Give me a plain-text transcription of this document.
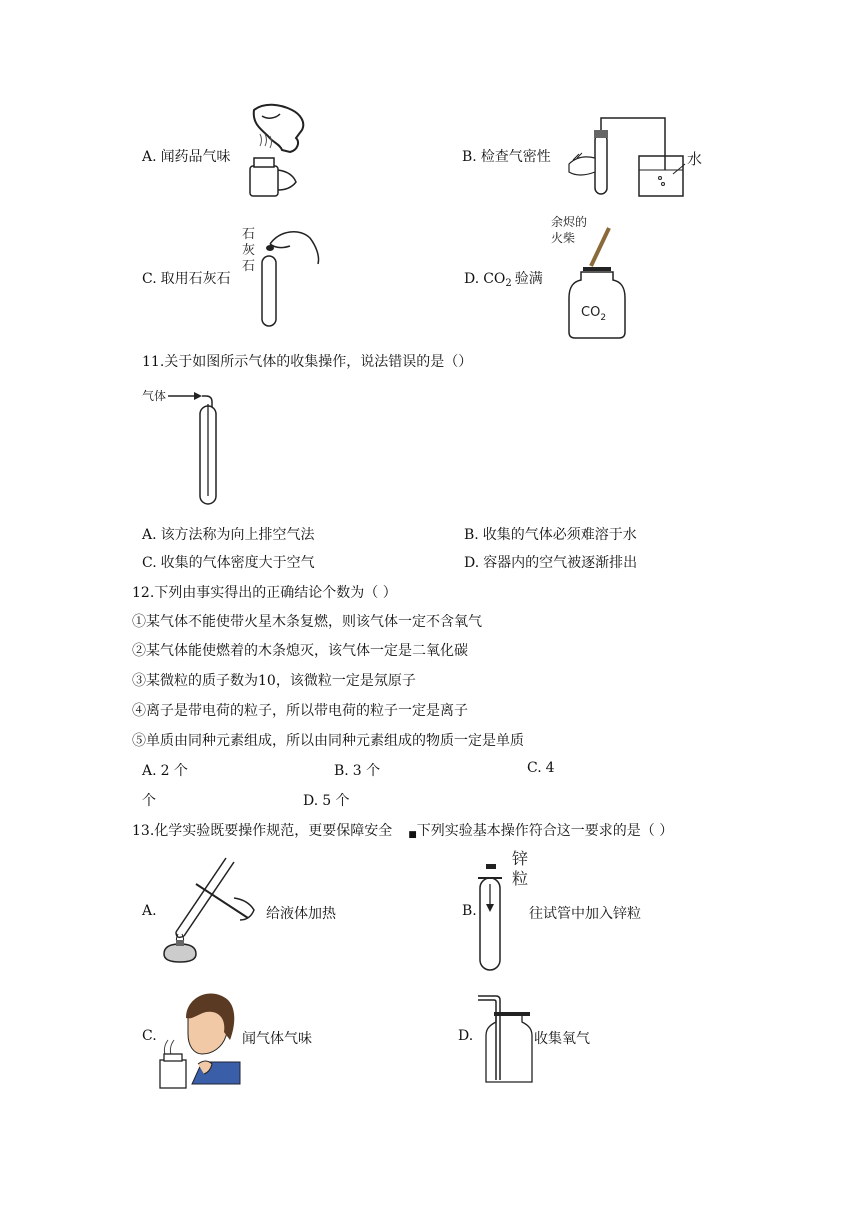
A. 闻药品气味	B. 检查气密性	水
C. 取用石灰石
石
灰
石
D. $CO_2$ 验满
余烬的
火柴
$CO_2$
11.关于如图所示气体的收集操作，说法错误的是（）
气体
A. 该方法称为向上排空气法	B. 收集的气体必须难溶于水
C. 收集的气体密度大于空气	D. 容器内的空气被逐渐排出
12.下列由事实得出的正确结论个数为（ ）
①某气体不能使带火星木条复燃，则该气体一定不含氧气
②某气体能使燃着的木条熄灭，该气体一定是二氧化碳
③某微粒的质子数为10，该微粒一定是氖原子
④离子是带电荷的粒子，所以带电荷的粒子一定是离子
⑤单质由同种元素组成，所以由同种元素组成的物质一定是单质
A. 2 个	B. 3 个	C. 4
个	D. 5 个
13.化学实验既要操作规范，更要保障安全 ■下列实验基本操作符合这一要求的是（ ）
A.	给液体加热	B.
锌
粒
往试管中加入锌粒
C.	闻气体气味	D.	收集氧气
